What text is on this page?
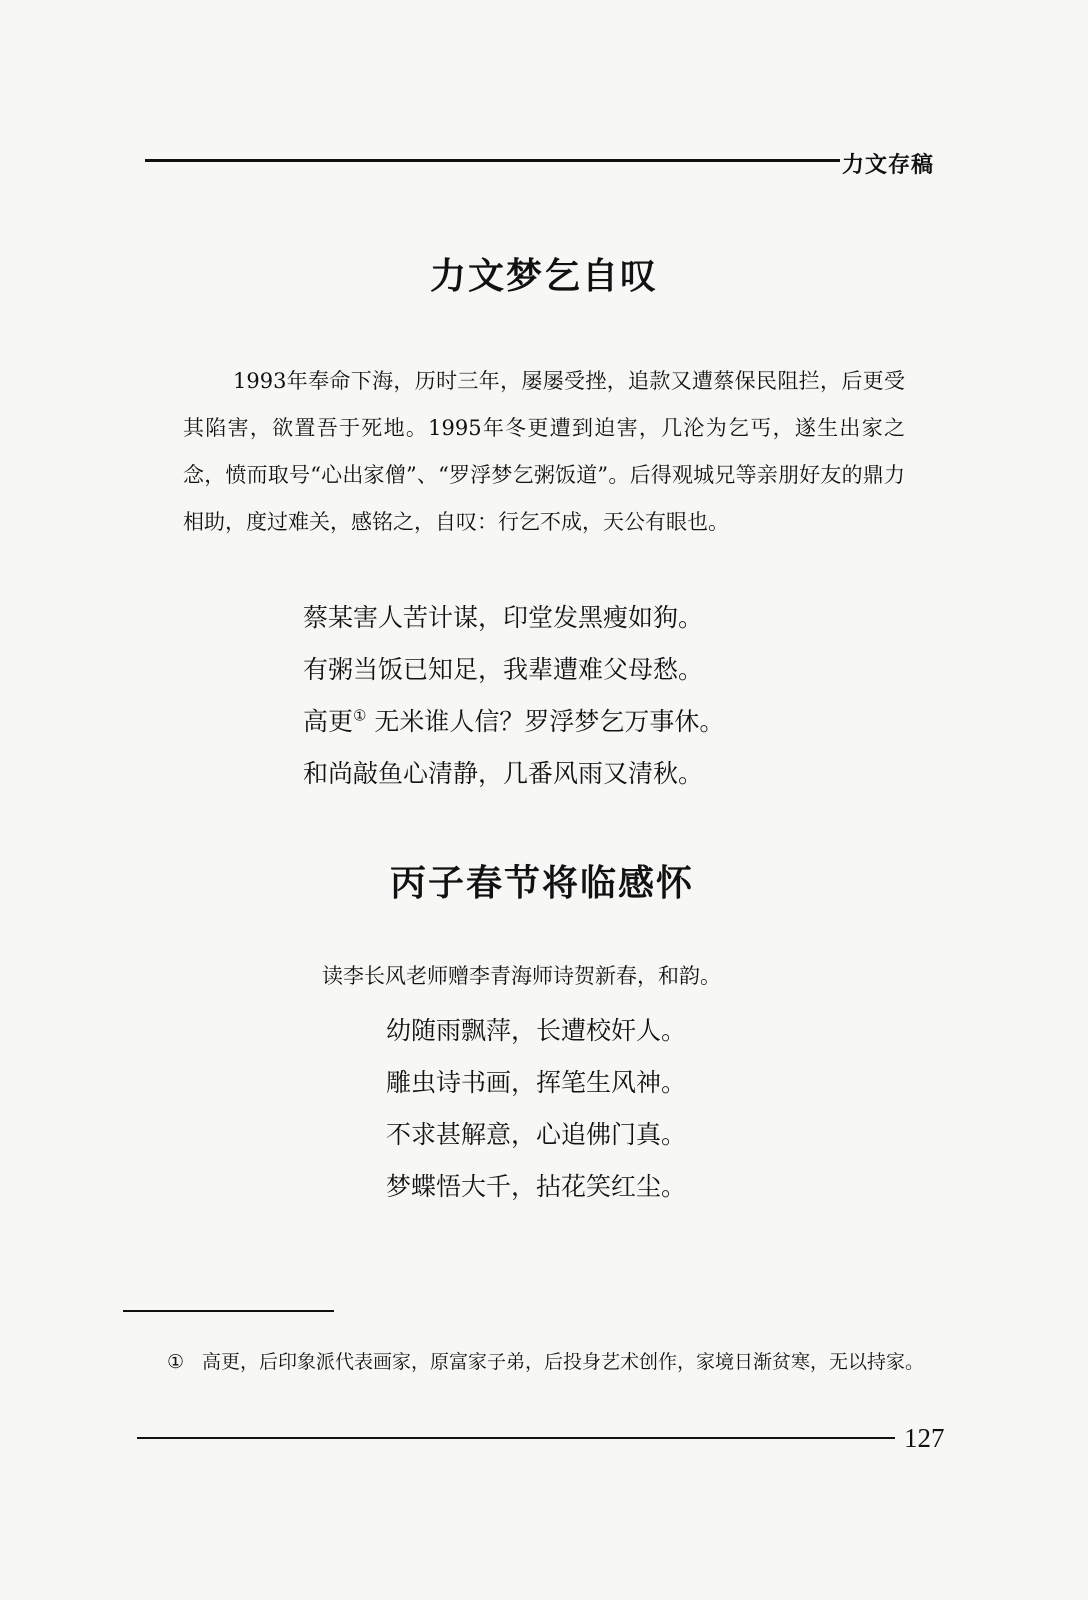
力文存稿
力文梦乞自叹

1993年奉命下海，历时三年，屡屡受挫，追款又遭蔡保民阻拦，后更受其陷害，欲置吾于死地。1995年冬更遭到迫害，几沦为乞丐，遂生出家之念，愤而取号“心出家僧”、“罗浮梦乞粥饭道”。后得观城兄等亲朋好友的鼎力相助，度过难关，感铭之，自叹：行乞不成，天公有眼也。

蔡某害人苦计谋，印堂发黑瘦如狗。
有粥当饭已知足，我辈遭难父母愁。
高更① 无米谁人信？罗浮梦乞万事休。
和尚敲鱼心清静，几番风雨又清秋。
丙子春节将临感怀
读李长风老师赠李青海师诗贺新春，和韵。
幼随雨飘萍，长遭校奸人。
雕虫诗书画，挥笔生风神。
不求甚解意，心追佛门真。
梦蝶悟大千，拈花笑红尘。
① 高更，后印象派代表画家，原富家子弟，后投身艺术创作，家境日渐贫寒，无以持家。
127
